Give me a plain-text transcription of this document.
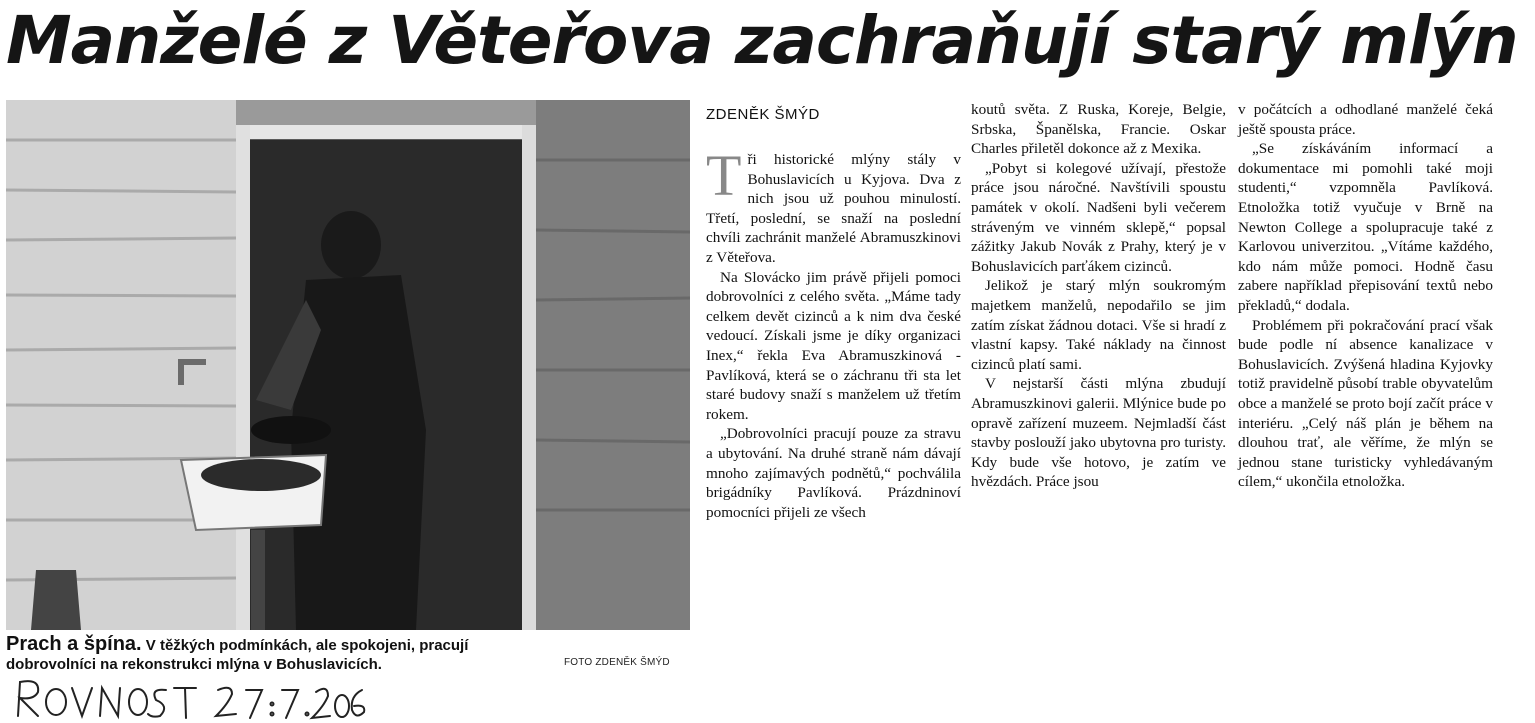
Manželé z Věteřova zachraňují starý mlýn
Prach a špína. V těžkých podmínkách, ale spokojeni, pracují dobrovolníci na rekonstrukci mlýna v Bohuslavicích.	FOTO ZDENĚK ŠMÝD
ZDENĚK ŠMÝD

Tři historické mlýny stály v Bohuslavicích u Kyjova. Dva z nich jsou už pouhou minulostí. Třetí, poslední, se snaží na poslední chvíli zachránit manželé Abramuszkinovi z Věteřova.

Na Slovácko jim právě přijeli pomoci dobrovolníci z celého světa. „Máme tady celkem devět cizinců a k nim dva české vedoucí. Získali jsme je díky organizaci Inex,“ řekla Eva Abramuszkinová - Pavlíková, která se o záchranu tři sta let staré budovy snaží s manželem už třetím rokem.

„Dobrovolníci pracují pouze za stravu a ubytování. Na druhé straně nám dávají mnoho zajímavých podnětů,“ pochválila brigádníky Pavlíková. Prázdninoví pomocníci přijeli ze všech

koutů světa. Z Ruska, Koreje, Belgie, Srbska, Španělska, Francie. Oskar Charles přiletěl dokonce až z Mexika.

„Pobyt si kolegové užívají, přestože práce jsou náročné. Navštívili spoustu památek v okolí. Nadšeni byli večerem stráveným ve vinném sklepě,“ popsal zážitky Jakub Novák z Prahy, který je v Bohuslavicích parťákem cizinců.

Jelikož je starý mlýn soukromým majetkem manželů, nepodařilo se jim zatím získat žádnou dotaci. Vše si hradí z vlastní kapsy. Také náklady na činnost cizinců platí sami.

V nejstarší části mlýna zbudují Abramuszkinovi galerii. Mlýnice bude po opravě zařízení muzeem. Nejmladší část stavby poslouží jako ubytovna pro turisty. Kdy bude vše hotovo, je zatím ve hvězdách. Práce jsou

v počátcích a odhodlané manželé čeká ještě spousta práce.

„Se získáváním informací a dokumentace mi pomohli také moji studenti,“ vzpomněla Pavlíková. Etnoložka totiž vyučuje v Brně na Newton College a spolupracuje také z Karlovou univerzitou. „Vítáme každého, kdo nám může pomoci. Hodně času zabere například přepisování textů nebo překladů,“ dodala.

Problémem při pokračování prací však bude podle ní absence kanalizace v Bohuslavicích. Zvýšená hladina Kyjovky totiž pravidelně působí trable obyvatelům obce a manželé se proto bojí začít práce v interiéru. „Celý náš plán je během na dlouhou trať, ale věříme, že mlýn se jednou stane turisticky vyhledávaným cílem,“ ukončila etnoložka.
